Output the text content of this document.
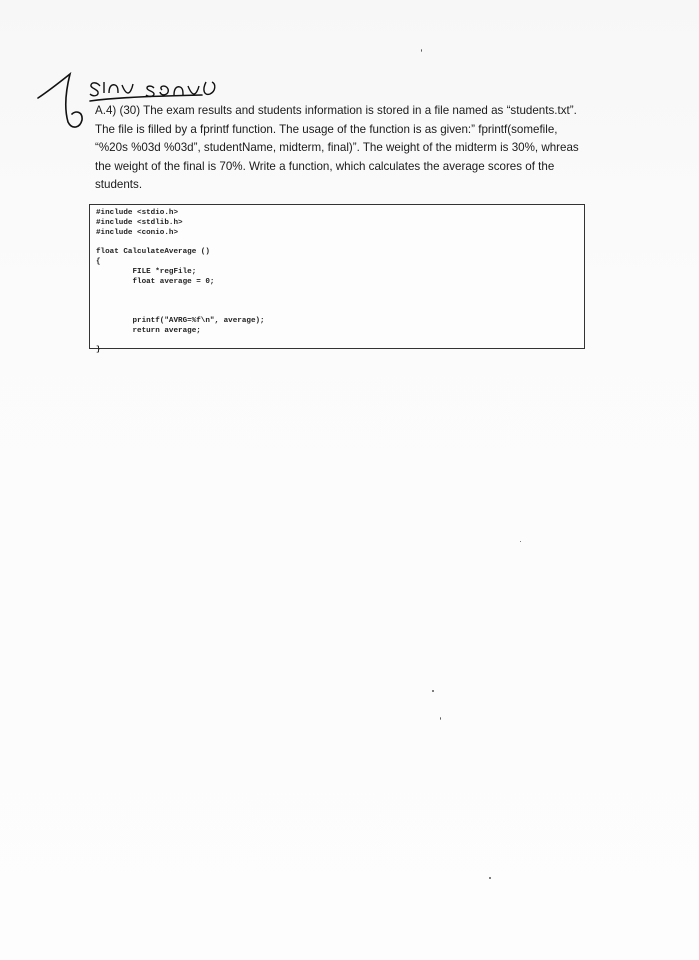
A.4) (30) The exam results and students information is stored in a file named as “students.txt”. The file is filled by a fprintf function. The usage of the function is as given:” fprintf(somefile, “%20s %03d %03d”, studentName, midterm, final)”. The weight of the midterm is 30%, whreas the weight of the final is 70%. Write a function, which calculates the average scores of the students.

#include <stdio.h>
#include <stdlib.h>
#include <conio.h>
float CalculateAverage ()
{
FILE *regFile;
float average = 0;
printf("AVRG=%f\n", average);
return average;
}
